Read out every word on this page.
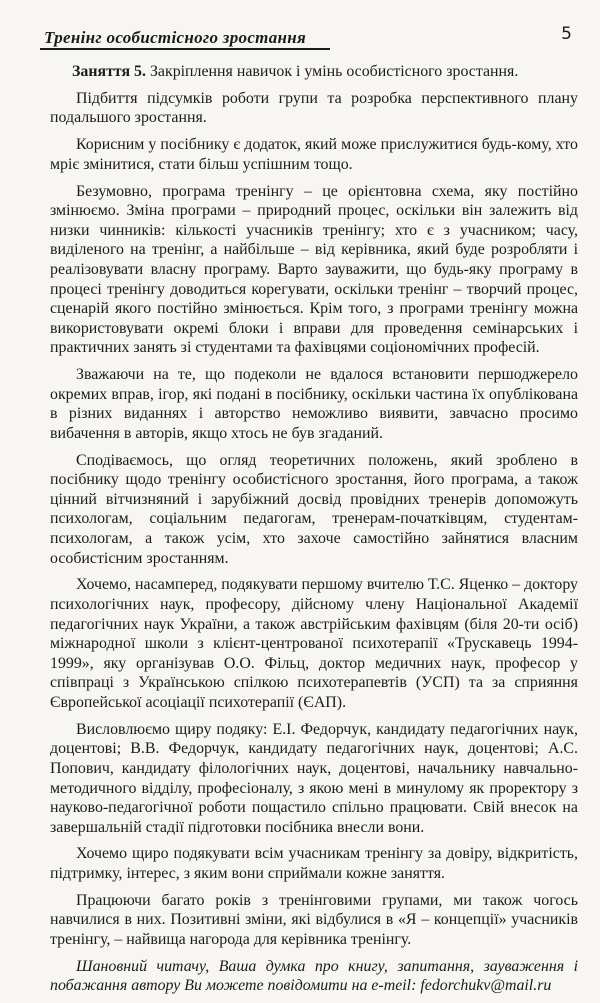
Тренінг особистісного зростання	5

Заняття 5. Закріплення навичок і умінь особистісного зростання.

Підбиття підсумків роботи групи та розробка перспективного плану подальшого зростання.

Корисним у посібнику є додаток, який може прислужитися будь-кому, хто мріє змінитися, стати більш успішним тощо.

Безумовно, програма тренінгу – це орієнтовна схема, яку постійно змінюємо. Зміна програми – природний процес, оскільки він залежить від низки чинників: кількості учасників тренінгу; хто є з учасником; часу, виділеного на тренінг, а найбільше – від керівника, який буде розробляти і реалізовувати власну програму. Варто зауважити, що будь-яку програму в процесі тренінгу доводиться корегувати, оскільки тренінг – творчий процес, сценарій якого постійно змінюється. Крім того, з програми тренінгу можна використовувати окремі блоки і вправи для проведення семінарських і практичних занять зі студентами та фахівцями соціономічних професій.

Зважаючи на те, що подеколи не вдалося встановити першоджерело окремих вправ, ігор, які подані в посібнику, оскільки частина їх опублікована в різних виданнях і авторство неможливо виявити, завчасно просимо вибачення в авторів, якщо хтось не був згаданий.

Сподіваємось, що огляд теоретичних положень, який зроблено в посібнику щодо тренінгу особистісного зростання, його програма, а також цінний вітчизняний і зарубіжний досвід провідних тренерів допоможуть психологам, соціальним педагогам, тренерам-початківцям, студентам-психологам, а також усім, хто захоче самостійно зайнятися власним особистісним зростанням.

Хочемо, насамперед, подякувати першому вчителю Т.С. Яценко – доктору психологічних наук, професору, дійсному члену Національної Академії педагогічних наук України, а також австрійським фахівцям (біля 20-ти осіб) міжнародної школи з клієнт-центрованої психотерапії «Трускавець 1994-1999», яку організував О.О. Фільц, доктор медичних наук, професор у співпраці з Українською спілкою психотерапевтів (УСП) та за сприяння Європейської асоціації психотерапії (ЄАП).

Висловлюємо щиру подяку: Е.І. Федорчук, кандидату педагогічних наук, доцентові; В.В. Федорчук, кандидату педагогічних наук, доцентові; А.С. Попович, кандидату філологічних наук, доцентові, начальнику навчально-методичного відділу, професіоналу, з якою мені в минулому як проректору з науково-педагогічної роботи пощастило спільно працювати. Свій внесок на завершальній стадії підготовки посібника внесли вони.

Хочемо щиро подякувати всім учасникам тренінгу за довіру, відкритість, підтримку, інтерес, з яким вони сприймали кожне заняття.

Працюючи багато років з тренінговими групами, ми також чогось навчилися в них. Позитивні зміни, які відбулися в «Я – концепції» учасників тренінгу, – найвища нагорода для керівника тренінгу.

Шановний читачу, Ваша думка про книгу, запитання, зауваження і побажання автору Ви можете повідомити на e-meil: fedorchukv@mail.ru
